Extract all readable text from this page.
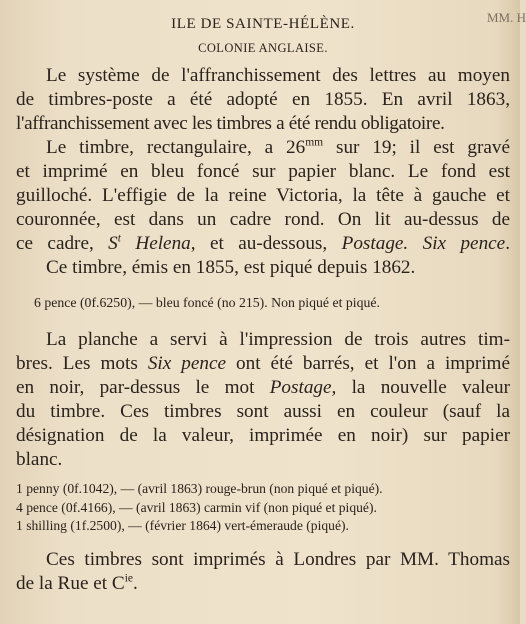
MM. H
ILE DE SAINTE-HÉLÈNE.
COLONIE ANGLAISE.
Le système de l'affranchissement des lettres au moyen
de timbres-poste a été adopté en 1855. En avril 1863,
l'affranchissement avec les timbres a été rendu obligatoire.
Le timbre, rectangulaire, a $26^{mm}$ sur 19; il est gravé
et imprimé en bleu foncé sur papier blanc. Le fond est
guilloché. L'effigie de la reine Victoria, la tête à gauche et
couronnée, est dans un cadre rond. On lit au-dessus de
ce cadre, $S^t$ Helena, et au-dessous, Postage. Six pence.
Ce timbre, émis en 1855, est piqué depuis 1862.
6 pence (0f.6250), — bleu foncé (no 215). Non piqué et piqué.
La planche a servi à l'impression de trois autres tim-
bres. Les mots Six pence ont été barrés, et l'on a imprimé
en noir, par-dessus le mot Postage, la nouvelle valeur
du timbre. Ces timbres sont aussi en couleur (sauf la
désignation de la valeur, imprimée en noir) sur papier
blanc.
1 penny (0f.1042), — (avril 1863) rouge-brun (non piqué et piqué).
4 pence (0f.4166), — (avril 1863) carmin vif (non piqué et piqué).
1 shilling (1f.2500), — (février 1864) vert-émeraude (piqué).
Ces timbres sont imprimés à Londres par MM. Thomas
de la Rue et $C^{ie}$.
